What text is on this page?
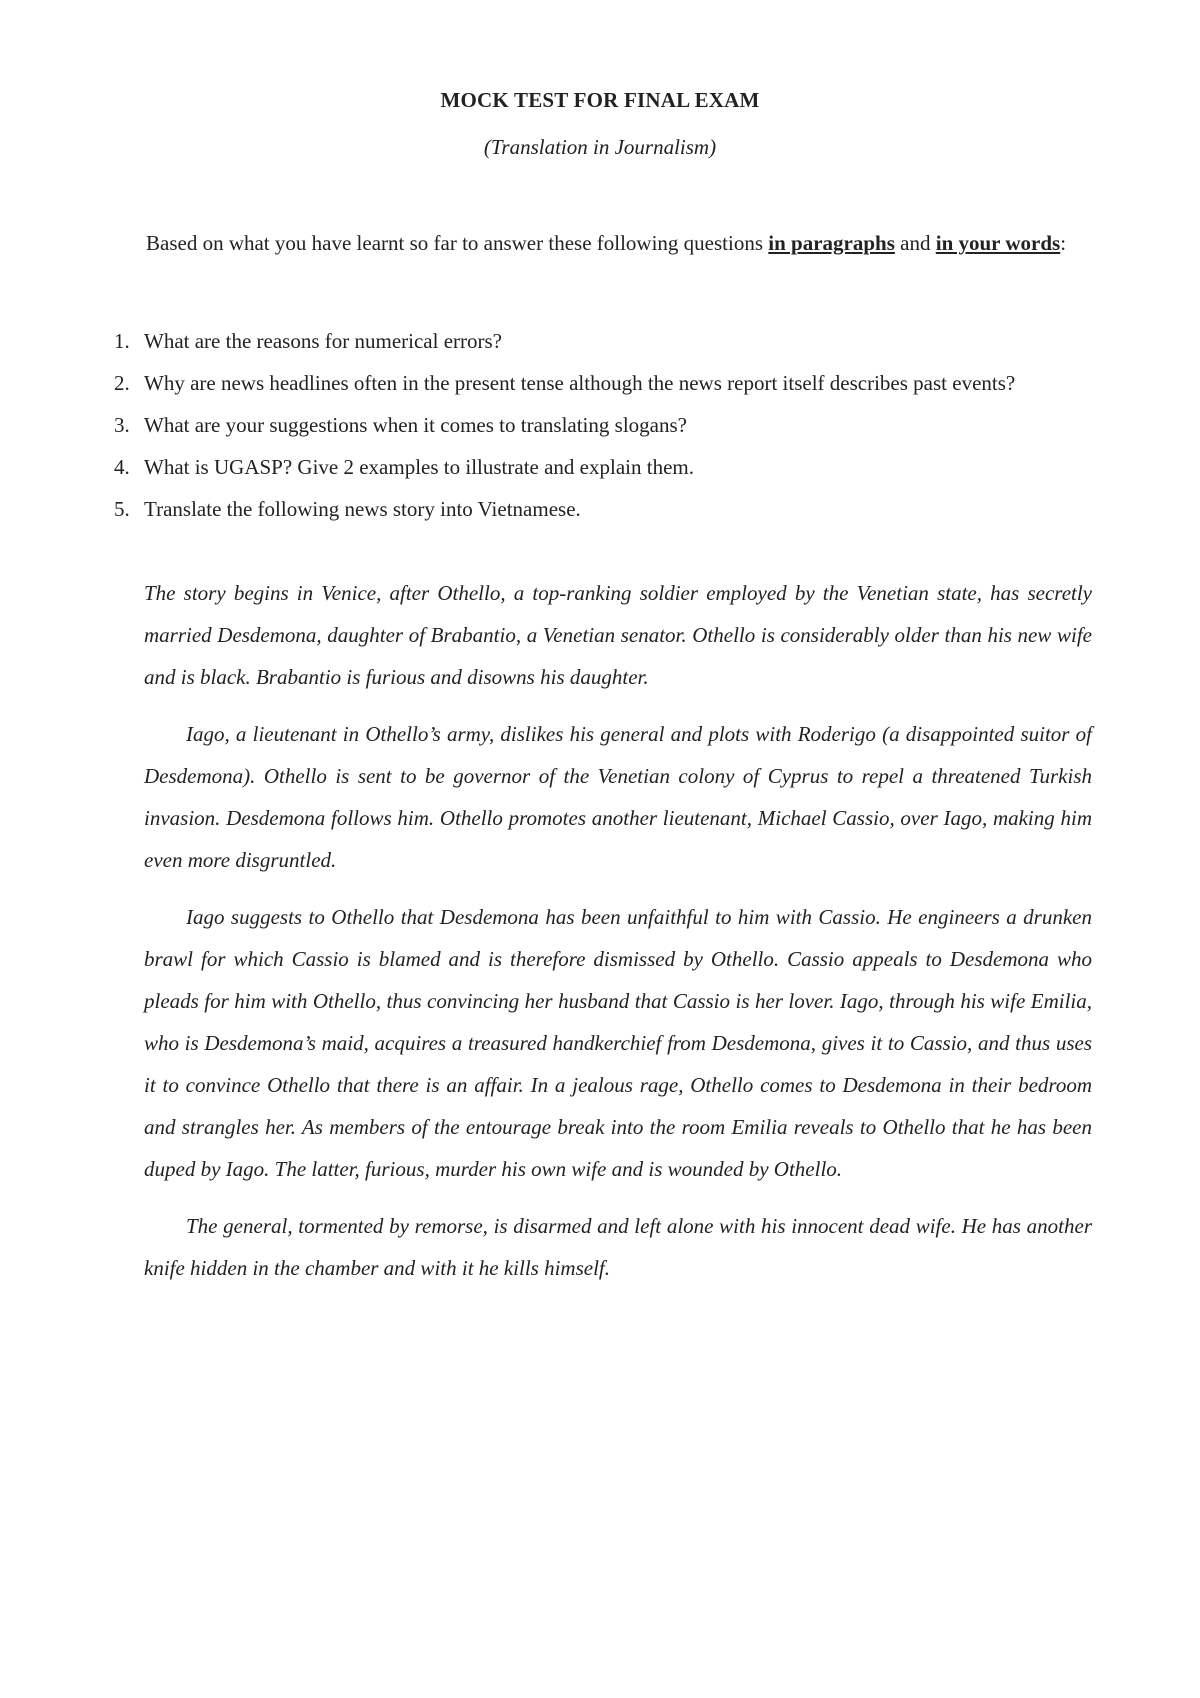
MOCK TEST FOR FINAL EXAM
(Translation in Journalism)

Based on what you have learnt so far to answer these following questions in paragraphs and in your words:

1. What are the reasons for numerical errors?
2. Why are news headlines often in the present tense although the news report itself describes past events?
3. What are your suggestions when it comes to translating slogans?
4. What is UGASP? Give 2 examples to illustrate and explain them.
5. Translate the following news story into Vietnamese.

The story begins in Venice, after Othello, a top-ranking soldier employed by the Venetian state, has secretly married Desdemona, daughter of Brabantio, a Venetian senator. Othello is considerably older than his new wife and is black. Brabantio is furious and disowns his daughter.

Iago, a lieutenant in Othello’s army, dislikes his general and plots with Roderigo (a disappointed suitor of Desdemona). Othello is sent to be governor of the Venetian colony of Cyprus to repel a threatened Turkish invasion. Desdemona follows him. Othello promotes another lieutenant, Michael Cassio, over Iago, making him even more disgruntled.

Iago suggests to Othello that Desdemona has been unfaithful to him with Cassio. He engineers a drunken brawl for which Cassio is blamed and is therefore dismissed by Othello. Cassio appeals to Desdemona who pleads for him with Othello, thus convincing her husband that Cassio is her lover. Iago, through his wife Emilia, who is Desdemona’s maid, acquires a treasured handkerchief from Desdemona, gives it to Cassio, and thus uses it to convince Othello that there is an affair. In a jealous rage, Othello comes to Desdemona in their bedroom and strangles her. As members of the entourage break into the room Emilia reveals to Othello that he has been duped by Iago. The latter, furious, murder his own wife and is wounded by Othello.

The general, tormented by remorse, is disarmed and left alone with his innocent dead wife. He has another knife hidden in the chamber and with it he kills himself.
